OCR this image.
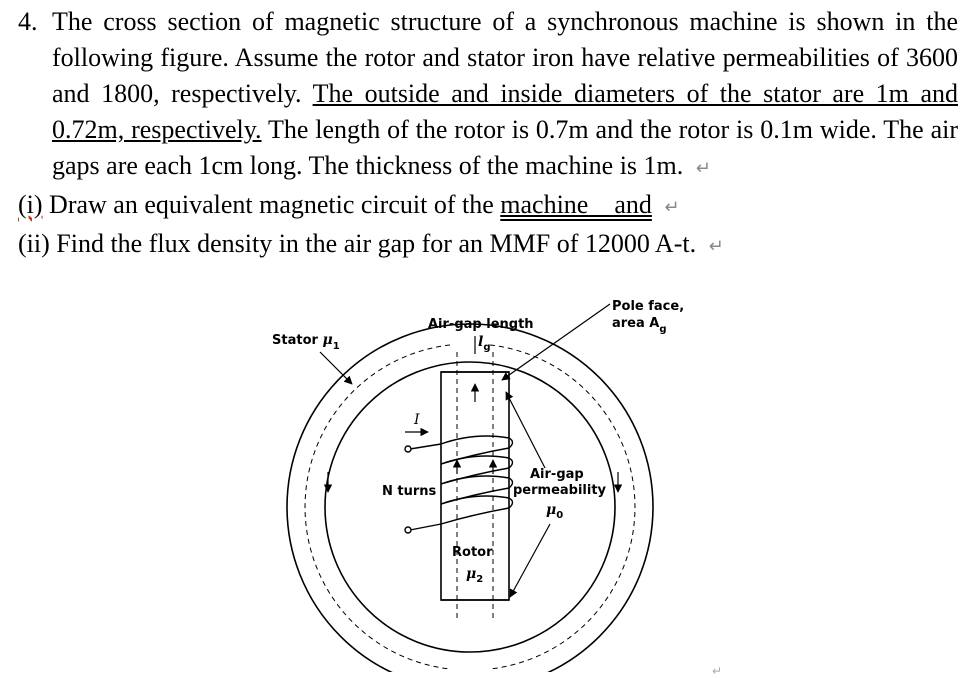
4. The cross section of magnetic structure of a synchronous machine is shown in the following figure. Assume the rotor and stator iron have relative permeabilities of 3600 and 1800, respectively. The outside and inside diameters of the stator are 1m and 0.72m, respectively. The length of the rotor is 0.7m and the rotor is 0.1m wide. The air gaps are each 1cm long. The thickness of the machine is 1m. ↵
(i) Draw an equivalent magnetic circuit of the machine    and ↵
(ii) Find the flux density in the air gap for an MMF of 12000 A-t. ↵
I
Stator $\mu_1$
Air-gap length
$l_g$
Pole face,
area $A_g$
N turns
Air-gap
permeability
$\mu_0$
Rotor
$\mu_2$
↵
